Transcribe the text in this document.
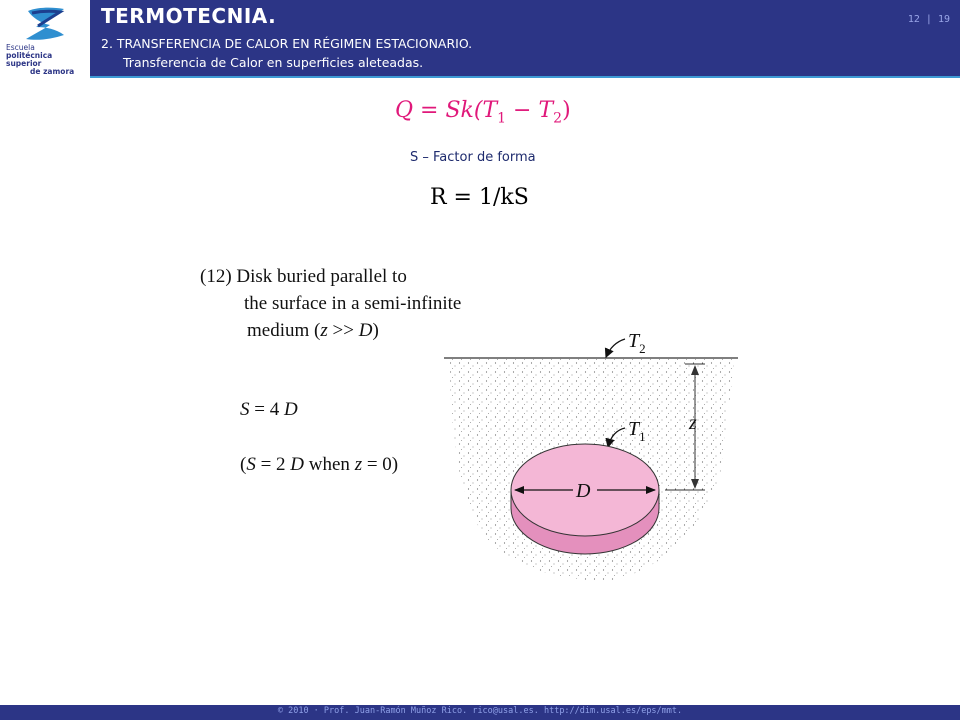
Escuela
politécnica superior
de zamora
TERMOTECNIA.
2. TRANSFERENCIA DE CALOR EN RÉGIMEN ESTACIONARIO.
Transferencia de Calor en superficies aleteadas.
12 | 19
$Q = Sk(T_1 - T_2)$
S – Factor de forma
R = 1/kS
(12) Disk buried parallel to
the surface in a semi-infinite
medium (z >> D)
S = 4 D
(S = 2 D when z = 0)
$T_2$
$T_1$
z
D
© 2010 · Prof. Juan-Ramón Muñoz Rico. rico@usal.es. http://dim.usal.es/eps/mmt.
